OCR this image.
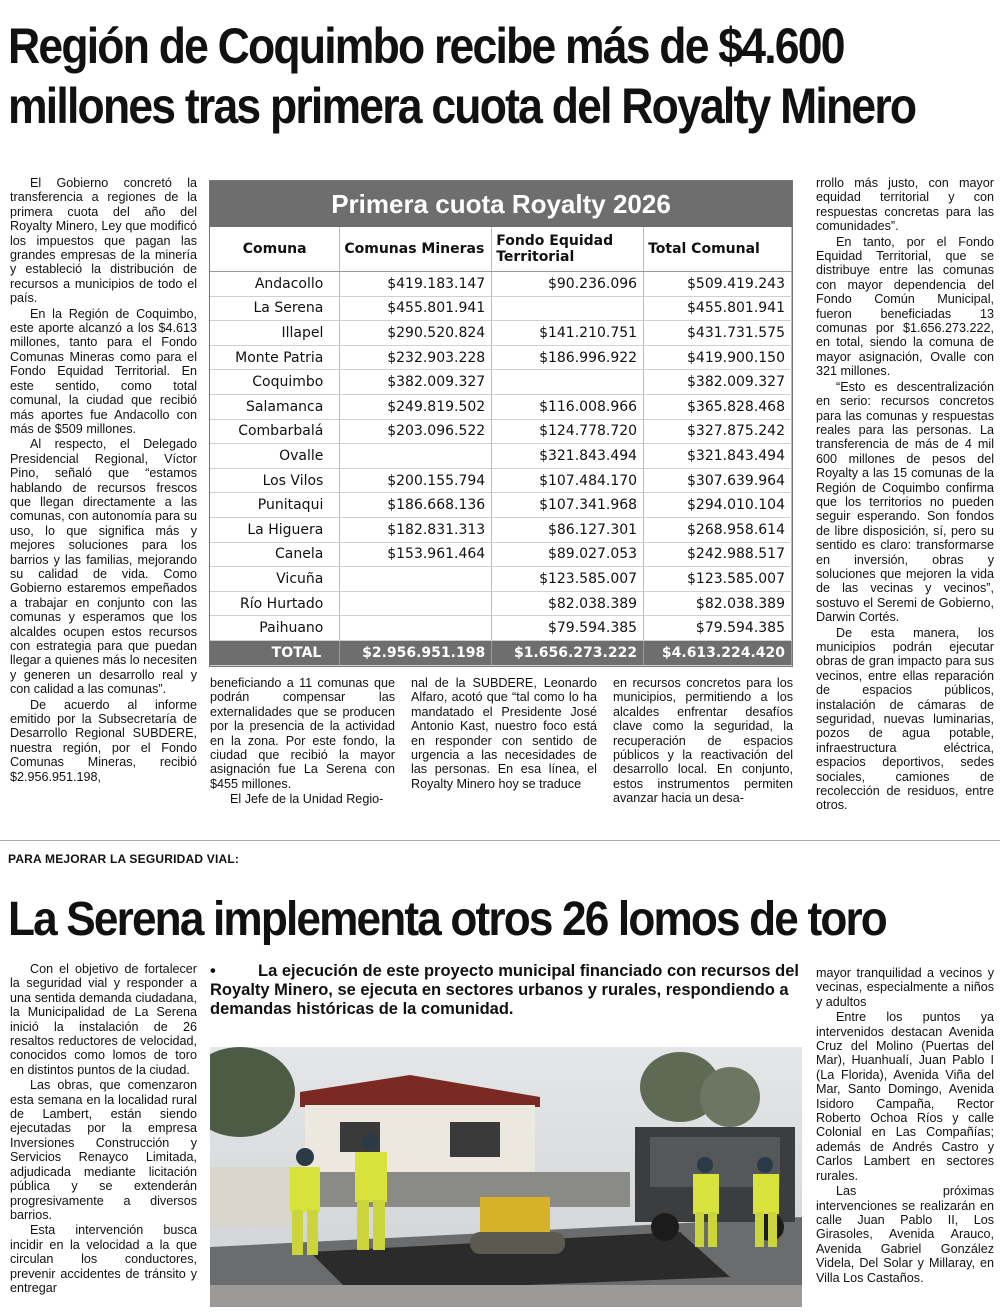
Región de Coquimbo recibe más de $4.600
millones tras primera cuota del Royalty Minero

El Gobierno concretó la transferencia a regiones de la primera cuota del año del Royalty Minero, Ley que modificó los impuestos que pagan las grandes empresas de la minería y estableció la distribución de recursos a municipios de todo el país.

En la Región de Coquimbo, este aporte alcanzó a los $4.613 millones, tanto para el Fondo Comunas Mineras como para el Fondo Equidad Territorial. En este sentido, como total comunal, la ciudad que recibió más aportes fue Andacollo con más de $509 millones.

Al respecto, el Delegado Presidencial Regional, Víctor Pino, señaló que “estamos hablando de recursos frescos que llegan directamente a las comunas, con autonomía para su uso, lo que significa más y mejores soluciones para los barrios y las familias, mejorando su calidad de vida. Como Gobierno estaremos empeñados a trabajar en conjunto con las comunas y esperamos que los alcaldes ocupen estos recursos con estrategia para que puedan llegar a quienes más lo necesiten y generen un desarrollo real y con calidad a las comunas”.

De acuerdo al informe emitido por la Subsecretaría de Desarrollo Regional SUBDERE, nuestra región, por el Fondo Comunas Mineras, recibió $2.956.951.198,

Primera cuota Royalty 2026
Comuna	Comunas Mineras	Fondo Equidad Territorial	Total Comunal
Andacollo	$419.183.147	$90.236.096	$509.419.243
La Serena	$455.801.941		$455.801.941
Illapel	$290.520.824	$141.210.751	$431.731.575
Monte Patria	$232.903.228	$186.996.922	$419.900.150
Coquimbo	$382.009.327		$382.009.327
Salamanca	$249.819.502	$116.008.966	$365.828.468
Combarbalá	$203.096.522	$124.778.720	$327.875.242
Ovalle		$321.843.494	$321.843.494
Los Vilos	$200.155.794	$107.484.170	$307.639.964
Punitaqui	$186.668.136	$107.341.968	$294.010.104
La Higuera	$182.831.313	$86.127.301	$268.958.614
Canela	$153.961.464	$89.027.053	$242.988.517
Vicuña		$123.585.007	$123.585.007
Río Hurtado		$82.038.389	$82.038.389
Paihuano		$79.594.385	$79.594.385
TOTAL	$2.956.951.198	$1.656.273.222	$4.613.224.420

beneficiando a 11 comunas que podrán compensar las externalidades que se producen por la presencia de la actividad en la zona. Por este fondo, la ciudad que recibió la mayor asignación fue La Serena con $455 millones.

El Jefe de la Unidad Regio-

nal de la SUBDERE, Leonardo Alfaro, acotó que “tal como lo ha mandatado el Presidente José Antonio Kast, nuestro foco está en responder con sentido de urgencia a las necesidades de las personas. En esa línea, el Royalty Minero hoy se traduce

en recursos concretos para los municipios, permitiendo a los alcaldes enfrentar desafíos clave como la seguridad, la recuperación de espacios públicos y la reactivación del desarrollo local. En conjunto, estos instrumentos permiten avanzar hacia un desa-

rrollo más justo, con mayor equidad territorial y con respuestas concretas para las comunidades”.

En tanto, por el Fondo Equidad Territorial, que se distribuye entre las comunas con mayor dependencia del Fondo Común Municipal, fueron beneficiadas 13 comunas por $1.656.273.222, en total, siendo la comuna de mayor asignación, Ovalle con 321 millones.

“Esto es descentralización en serio: recursos concretos para las comunas y respuestas reales para las personas. La transferencia de más de 4 mil 600 millones de pesos del Royalty a las 15 comunas de la Región de Coquimbo confirma que los territorios no pueden seguir esperando. Son fondos de libre disposición, sí, pero su sentido es claro: transformarse en inversión, obras y soluciones que mejoren la vida de las vecinas y vecinos”, sostuvo el Seremi de Gobierno, Darwin Cortés.

De esta manera, los municipios podrán ejecutar obras de gran impacto para sus vecinos, entre ellas reparación de espacios públicos, instalación de cámaras de seguridad, nuevas luminarias, pozos de agua potable, infraestructura eléctrica, espacios deportivos, sedes sociales, camiones de recolección de residuos, entre otros.

PARA MEJORAR LA SEGURIDAD VIAL:
La Serena implementa otros 26 lomos de toro

Con el objetivo de fortalecer la seguridad vial y responder a una sentida demanda ciudadana, la Municipalidad de La Serena inició la instalación de 26 resaltos reductores de velocidad, conocidos como lomos de toro en distintos puntos de la ciudad.

Las obras, que comenzaron esta semana en la localidad rural de Lambert, están siendo ejecutadas por la empresa Inversiones Construcción y Servicios Renayco Limitada, adjudicada mediante licitación pública y se extenderán progresivamente a diversos barrios.

Esta intervención busca incidir en la velocidad a la que circulan los conductores, prevenir accidentes de tránsito y entregar

•	La ejecución de este proyecto municipal financiado con recursos del Royalty Minero, se ejecuta en sectores urbanos y rurales, respondiendo a demandas históricas de la comunidad.

mayor tranquilidad a vecinos y vecinas, especialmente a niños y adultos

Entre los puntos ya intervenidos destacan Avenida Cruz del Molino (Puertas del Mar), Huanhualí, Juan Pablo I (La Florida), Avenida Viña del Mar, Santo Domingo, Avenida Isidoro Campaña, Rector Roberto Ochoa Ríos y calle Colonial en Las Compañías; además de Andrés Castro y Carlos Lambert en sectores rurales.

Las próximas intervenciones se realizarán en calle Juan Pablo II, Los Girasoles, Avenida Arauco, Avenida Gabriel González Videla, Del Solar y Millaray, en Villa Los Castaños.
